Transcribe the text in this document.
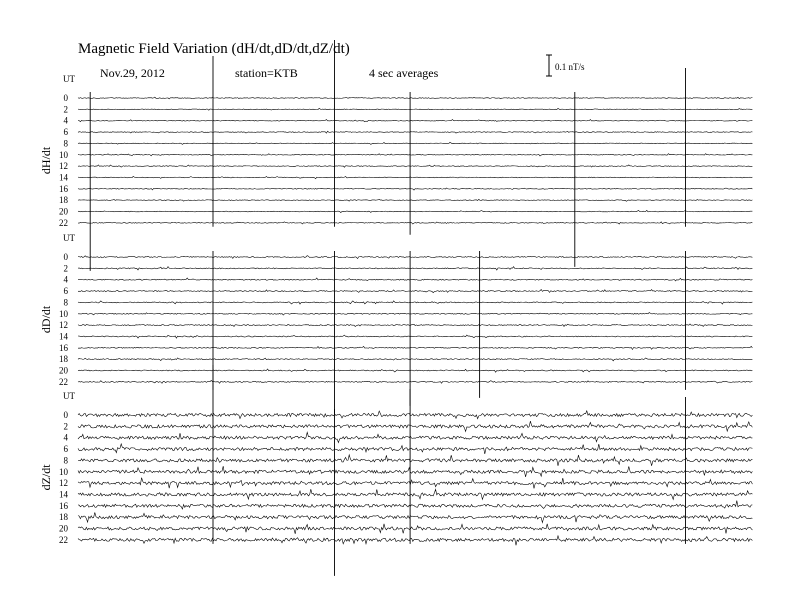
Magnetic Field Variation (dH/dt,dD/dt,dZ/dt)
Nov.29, 2012	station=KTB	4 sec averages	0.1 nT/s
UT
dH/dt
0
2
4
6
8
10
12
14
16
18
20
22
UT
dD/dt
0
2
4
6
8
10
12
14
16
18
20
22
UT
dZ/dt
0
2
4
6
8
10
12
14
16
18
20
22
